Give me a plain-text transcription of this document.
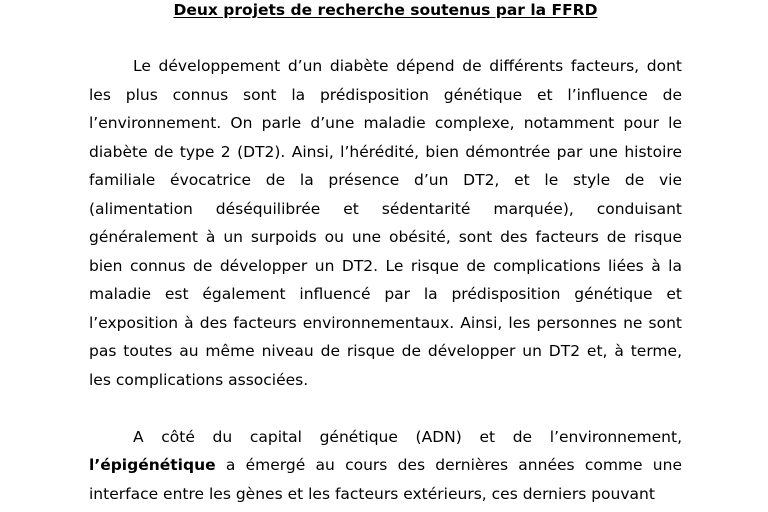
Deux projets de recherche soutenus par la FFRD

Le développement d’un diabète dépend de différents facteurs, dont les plus connus sont la prédisposition génétique et l’influence de l’environnement. On parle d’une maladie complexe, notamment pour le diabète de type 2 (DT2). Ainsi, l’hérédité, bien démontrée par une histoire familiale évocatrice de la présence d’un DT2, et le style de vie (alimentation déséquilibrée et sédentarité marquée), conduisant généralement à un surpoids ou une obésité, sont des facteurs de risque bien connus de développer un DT2. Le risque de complications liées à la maladie est également influencé par la prédisposition génétique et l’exposition à des facteurs environnementaux. Ainsi, les personnes ne sont pas toutes au même niveau de risque de développer un DT2 et, à terme, les complications associées.

A côté du capital génétique (ADN) et de l’environnement, l’épigénétique a émergé au cours des dernières années comme une interface entre les gènes et les facteurs extérieurs, ces derniers pouvant
